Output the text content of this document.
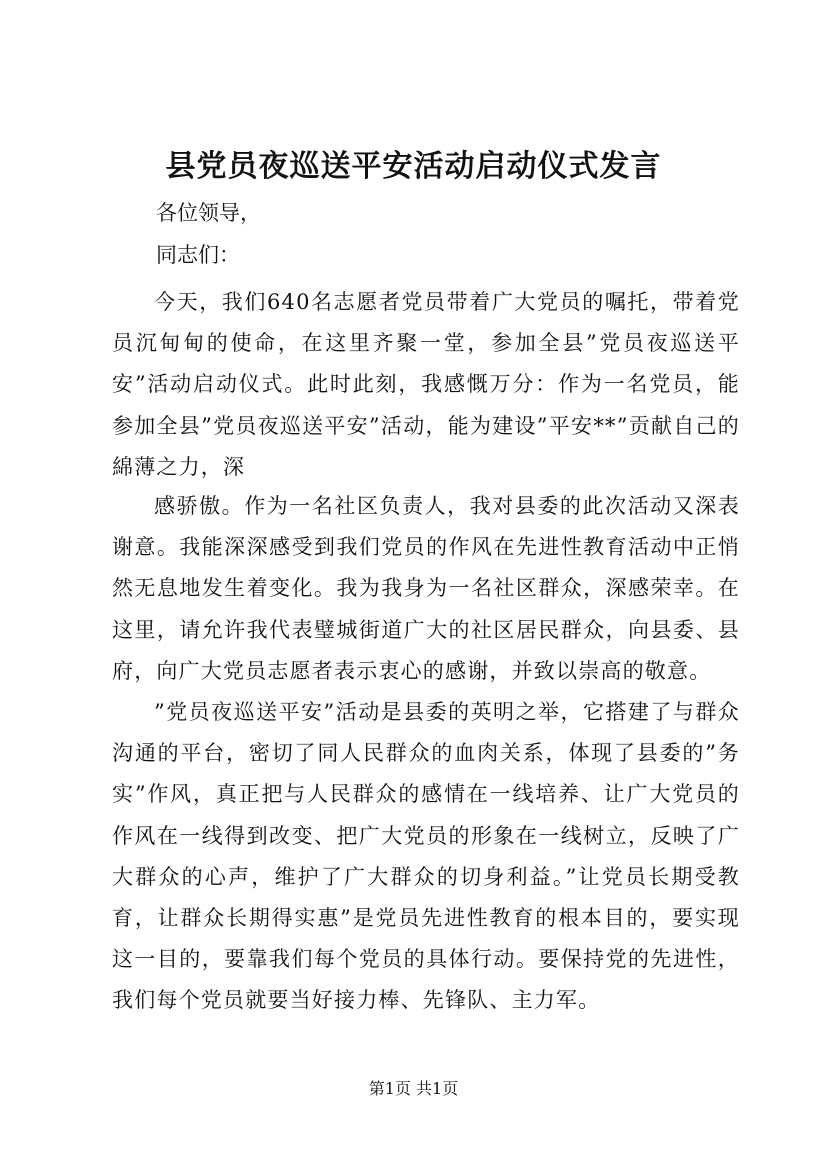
县党员夜巡送平安活动启动仪式发言
各位领导，
同志们：
今天，我们640名志愿者党员带着广大党员的嘱托，带着党员沉甸甸的使命，在这里齐聚一堂，参加全县”党员夜巡送平安”活动启动仪式。此时此刻，我感慨万分：作为一名党员，能参加全县”党员夜巡送平安”活动，能为建设”平安**”贡献自己的綿薄之力，深
感骄傲。作为一名社区负责人，我对县委的此次活动又深表谢意。我能深深感受到我们党员的作风在先进性教育活动中正悄然无息地发生着变化。我为我身为一名社区群众，深感荣幸。在这里，请允许我代表璧城街道广大的社区居民群众，向县委、县府，向广大党员志愿者表示衷心的感谢，并致以崇高的敬意。
”党员夜巡送平安”活动是县委的英明之举，它搭建了与群众沟通的平台，密切了同人民群众的血肉关系，体现了县委的”务实”作风，真正把与人民群众的感情在一线培养、让广大党员的作风在一线得到改变、把广大党员的形象在一线树立，反映了广大群众的心声，维护了广大群众的切身利益。”让党员长期受教育，让群众长期得实惠”是党员先进性教育的根本目的，要实现这一目的，要靠我们每个党员的具体行动。要保持党的先进性，我们每个党员就要当好接力棒、先锋队、主力军。
第1页 共1页
